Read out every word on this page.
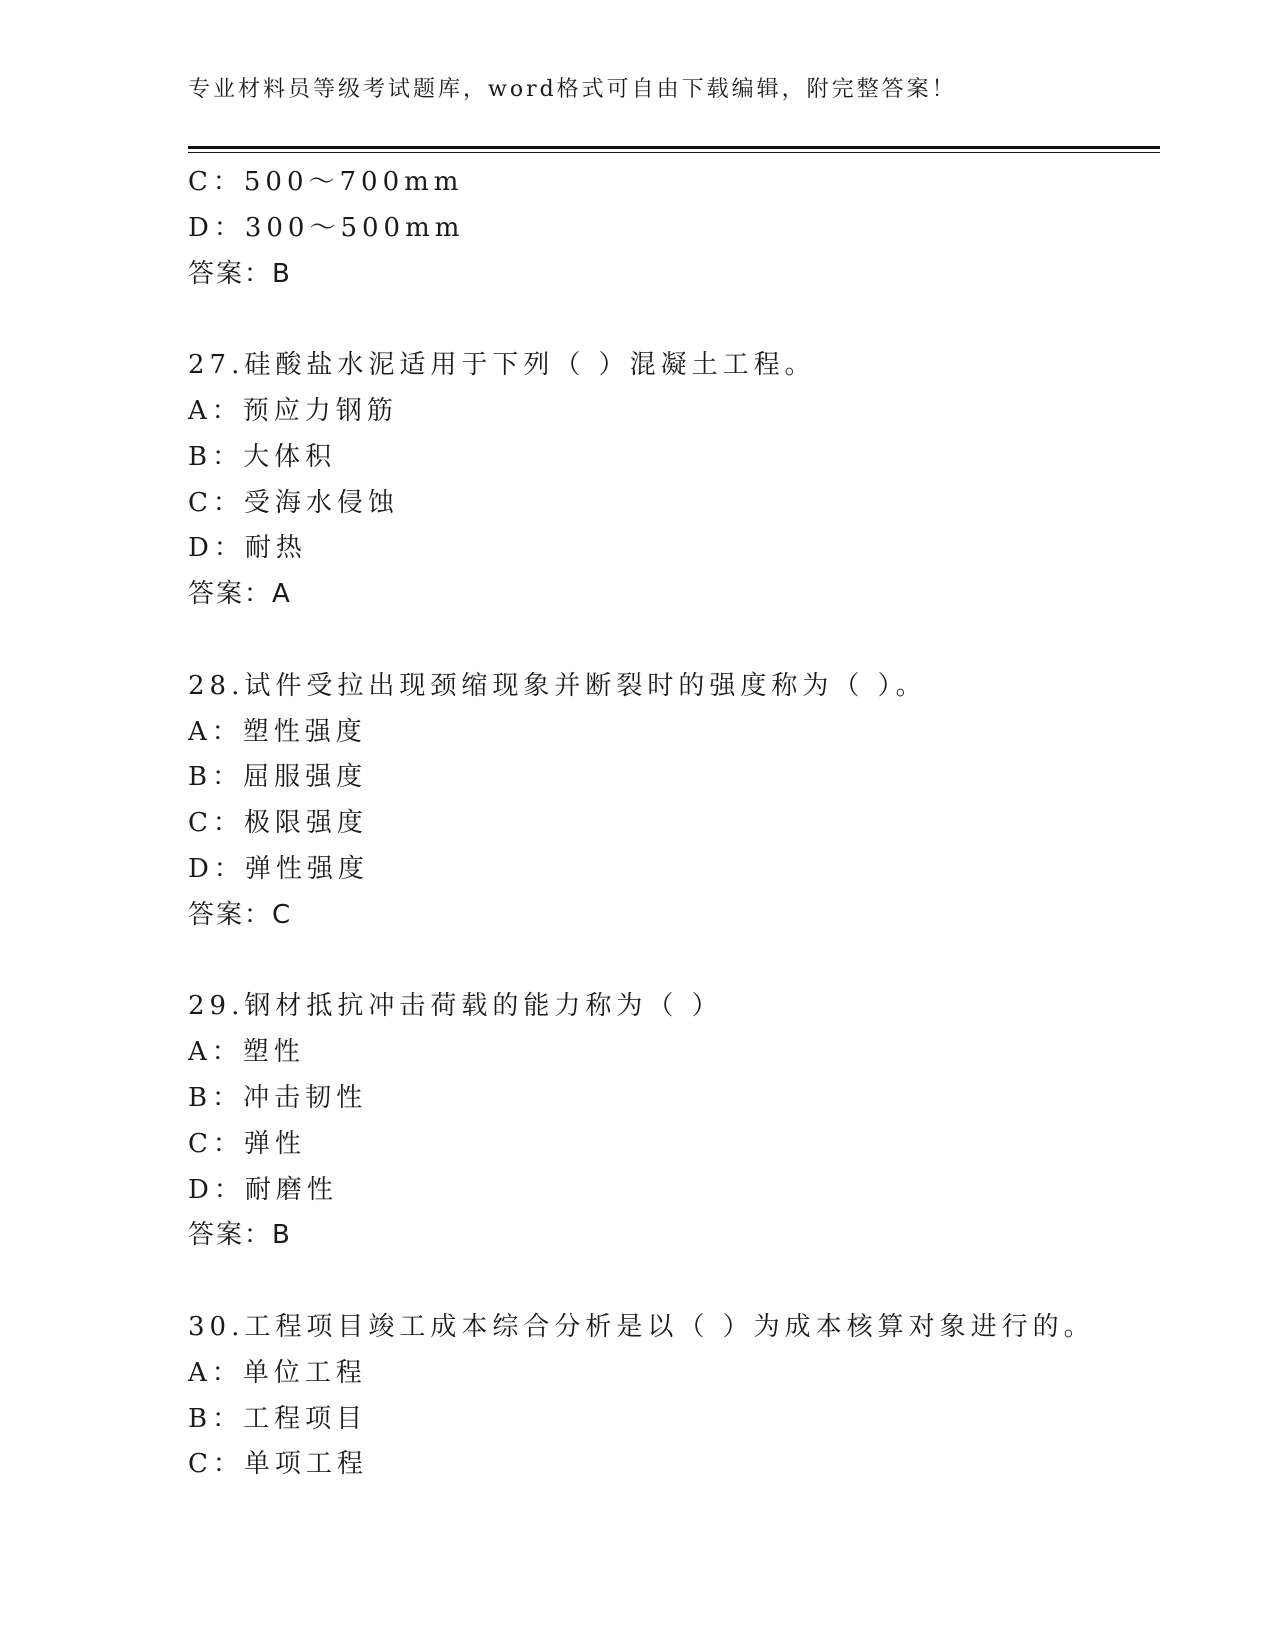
专业材料员等级考试题库，word格式可自由下载编辑，附完整答案！
C：500～700mm
D：300～500mm
答案：B
27.硅酸盐水泥适用于下列（ ）混凝土工程。
A：预应力钢筋
B：大体积
C：受海水侵蚀
D：耐热
答案：A
28.试件受拉出现颈缩现象并断裂时的强度称为（ ）。
A：塑性强度
B：屈服强度
C：极限强度
D：弹性强度
答案：C
29.钢材抵抗冲击荷载的能力称为（ ）
A：塑性
B：冲击韧性
C：弹性
D：耐磨性
答案：B
30.工程项目竣工成本综合分析是以（ ）为成本核算对象进行的。
A：单位工程
B：工程项目
C：单项工程
